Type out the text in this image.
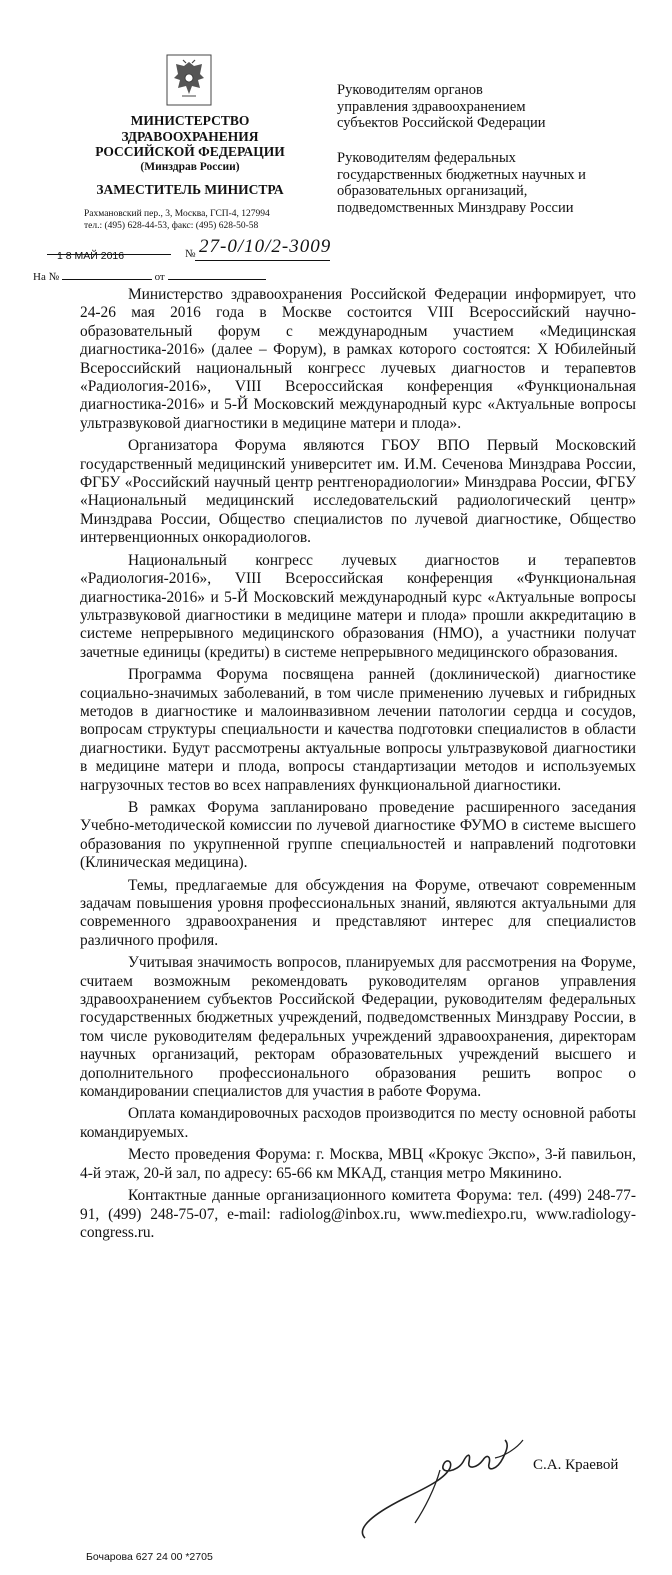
МИНИСТЕРСТВО
ЗДРАВООХРАНЕНИЯ
РОССИЙСКОЙ ФЕДЕРАЦИИ
(Минздрав России)
ЗАМЕСТИТЕЛЬ МИНИСТРА
Рахмановский пер., 3, Москва, ГСП-4, 127994
тел.: (495) 628-44-53, факс: (495) 628-50-58
1 8 МАЙ 2016	№ 27-0/10/2-3009
На №	от
Руководителям органов
управления здравоохранением
субъектов Российской Федерации
Руководителям федеральных
государственных бюджетных научных и
образовательных организаций,
подведомственных Минздраву России

Министерство здравоохранения Российской Федерации информирует, что 24-26 мая 2016 года в Москве состоится VIII Всероссийский научно-образовательный форум с международным участием «Медицинская диагностика-2016» (далее – Форум), в рамках которого состоятся: X Юбилейный Всероссийский национальный конгресс лучевых диагностов и терапевтов «Радиология-2016», VIII Всероссийская конференция «Функциональная диагностика-2016» и 5-Й Московский международный курс «Актуальные вопросы ультразвуковой диагностики в медицине матери и плода».

Организатора Форума являются ГБОУ ВПО Первый Московский государственный медицинский университет им. И.М. Сеченова Минздрава России, ФГБУ «Российский научный центр рентгенорадиологии» Минздрава России, ФГБУ «Национальный медицинский исследовательский радиологический центр» Минздрава России, Общество специалистов по лучевой диагностике, Общество интервенционных онкорадиологов.

Национальный конгресс лучевых диагностов и терапевтов «Радиология-2016», VIII Всероссийская конференция «Функциональная диагностика-2016» и 5-Й Московский международный курс «Актуальные вопросы ультразвуковой диагностики в медицине матери и плода» прошли аккредитацию в системе непрерывного медицинского образования (НМО), а участники получат зачетные единицы (кредиты) в системе непрерывного медицинского образования.

Программа Форума посвящена ранней (доклинической) диагностике социально-значимых заболеваний, в том числе применению лучевых и гибридных методов в диагностике и малоинвазивном лечении патологии сердца и сосудов, вопросам структуры специальности и качества подготовки специалистов в области диагностики. Будут рассмотрены актуальные вопросы ультразвуковой диагностики в медицине матери и плода, вопросы стандартизации методов и используемых нагрузочных тестов во всех направлениях функциональной диагностики.

В рамках Форума запланировано проведение расширенного заседания Учебно-методической комиссии по лучевой диагностике ФУМО в системе высшего образования по укрупненной группе специальностей и направлений подготовки (Клиническая медицина).

Темы, предлагаемые для обсуждения на Форуме, отвечают современным задачам повышения уровня профессиональных знаний, являются актуальными для современного здравоохранения и представляют интерес для специалистов различного профиля.

Учитывая значимость вопросов, планируемых для рассмотрения на Форуме, считаем возможным рекомендовать руководителям органов управления здравоохранением субъектов Российской Федерации, руководителям федеральных государственных бюджетных учреждений, подведомственных Минздраву России, в том числе руководителям федеральных учреждений здравоохранения, директорам научных организаций, ректорам образовательных учреждений высшего и дополнительного профессионального образования решить вопрос о командировании специалистов для участия в работе Форума.

Оплата командировочных расходов производится по месту основной работы командируемых.

Место проведения Форума: г. Москва, МВЦ «Крокус Экспо», 3-й павильон, 4-й этаж, 20-й зал, по адресу: 65-66 км МКАД, станция метро Мякинино.

Контактные данные организационного комитета Форума: тел. (499) 248-77-91, (499) 248-75-07, e-mail: radiolog@inbox.ru, www.mediexpo.ru, www.radiology-congress.ru.

С.А. Краевой
Бочарова 627 24 00 *2705
